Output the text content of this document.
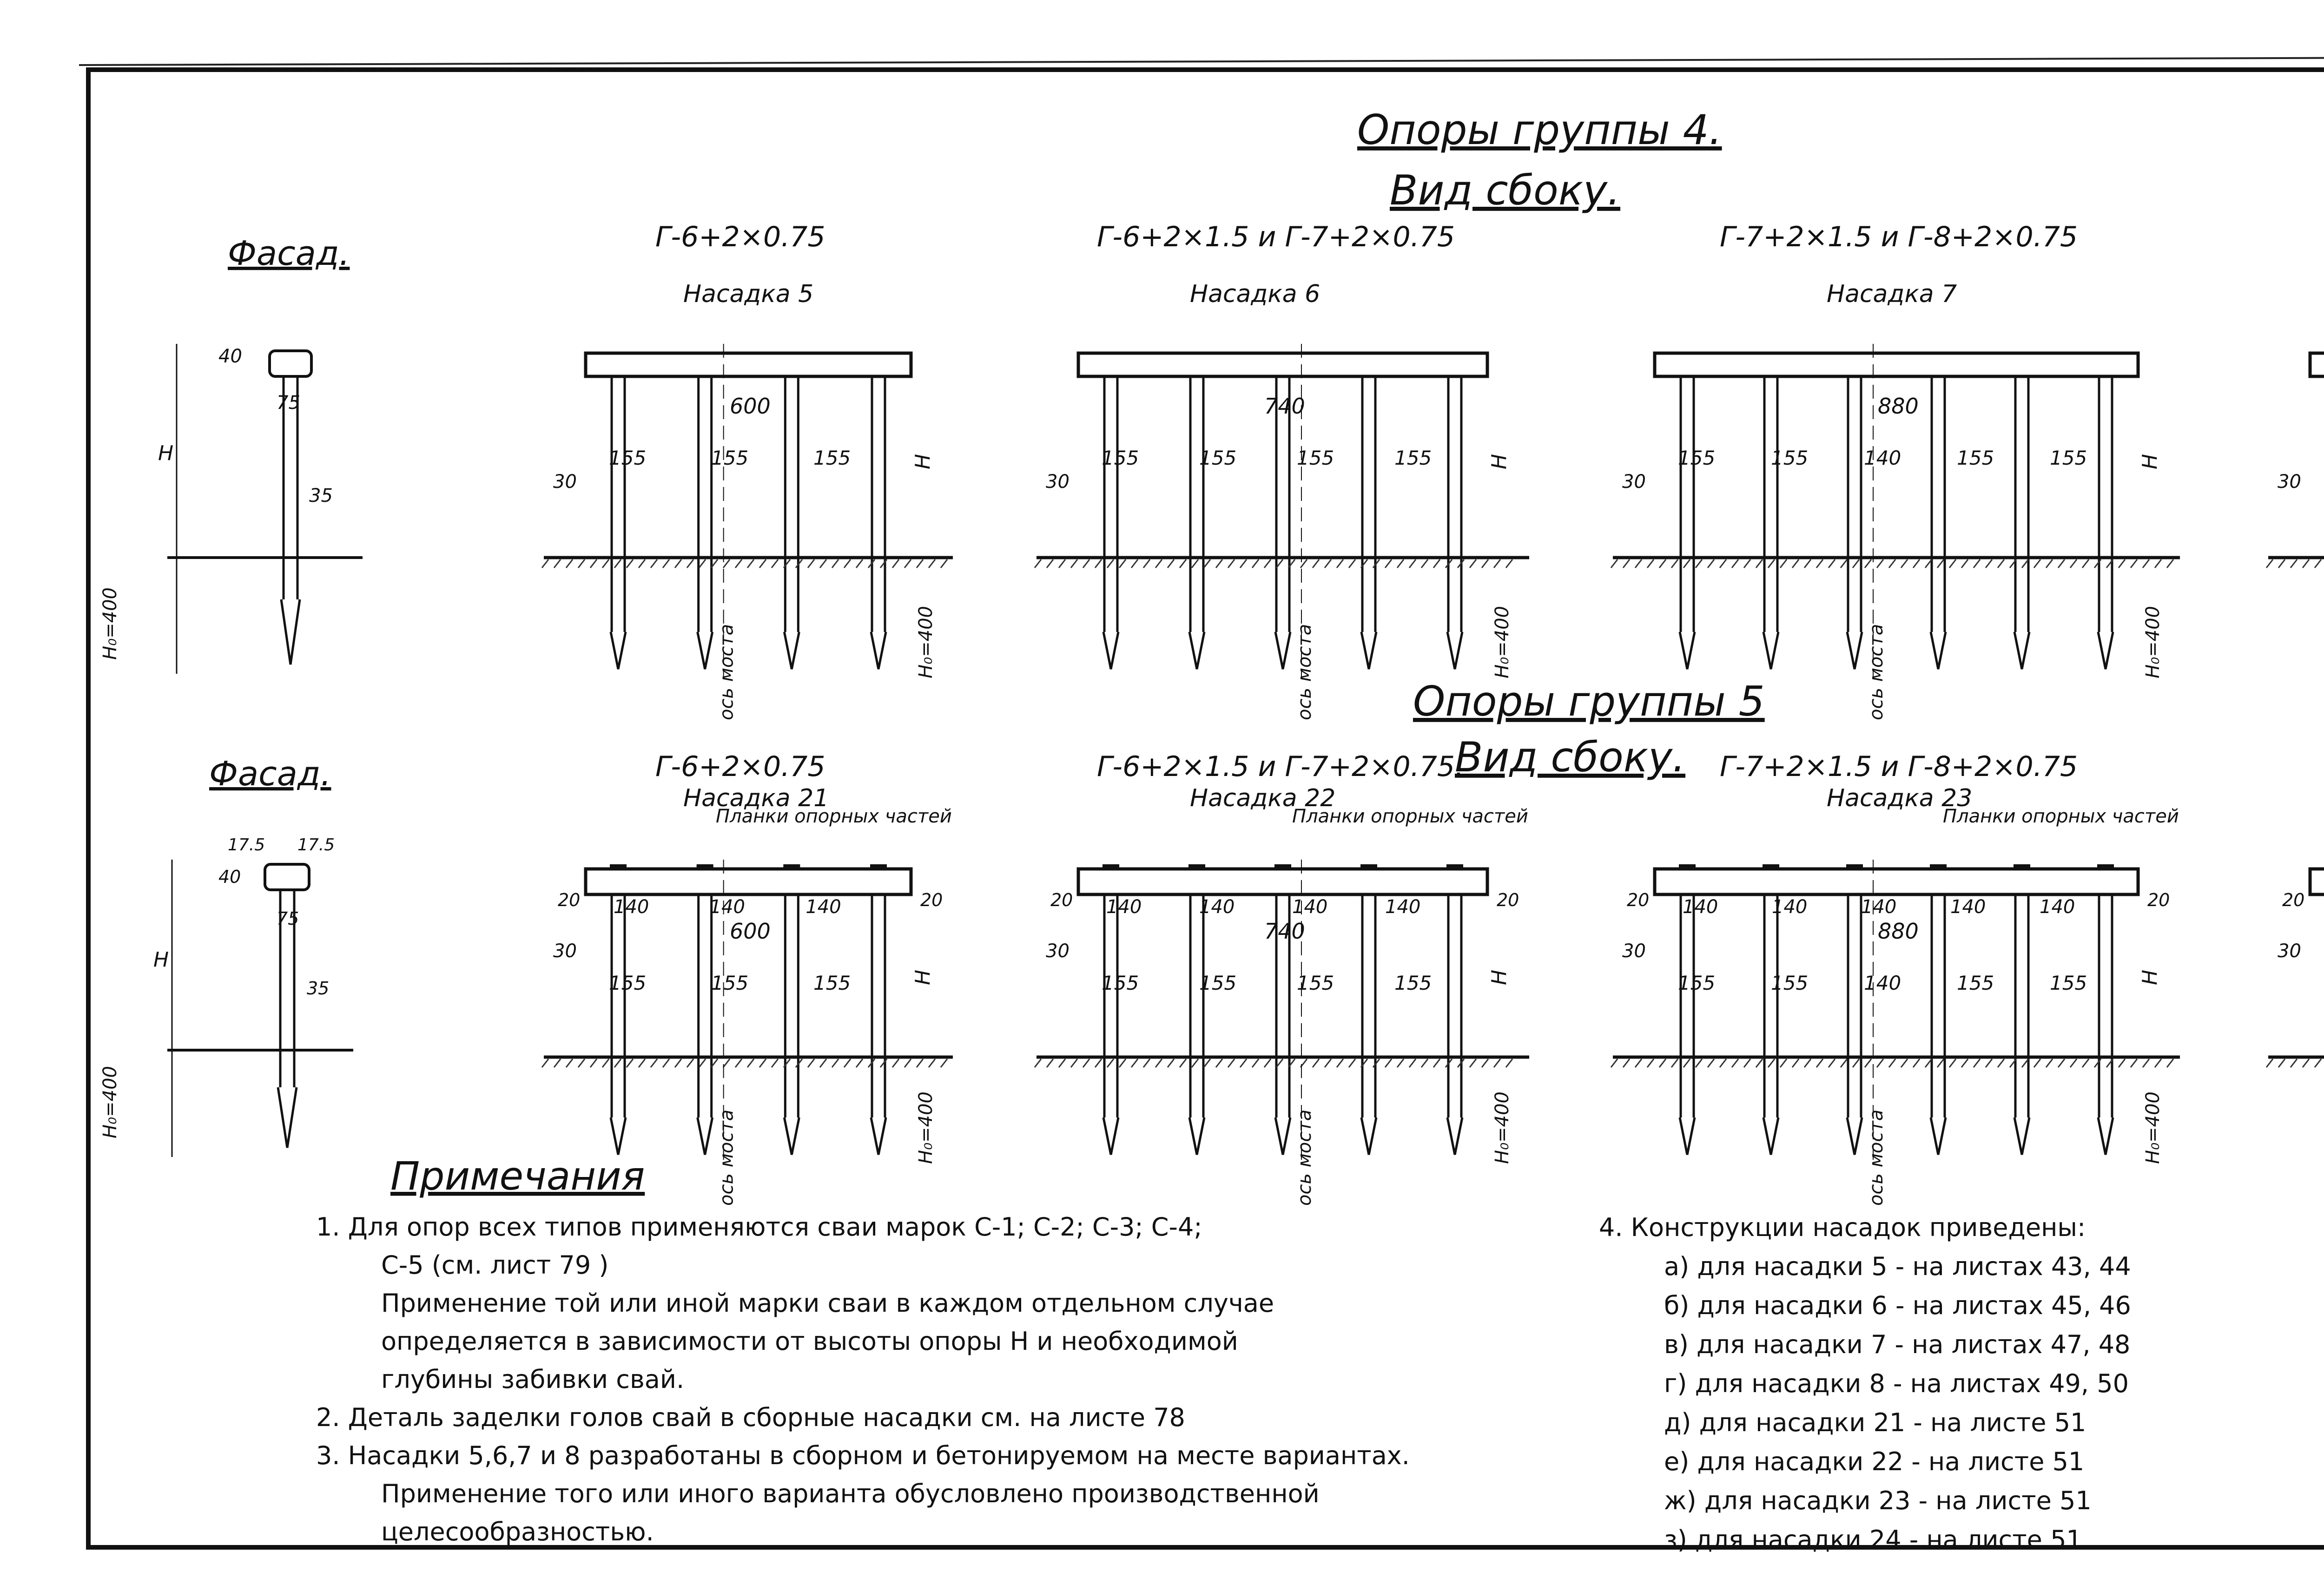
Опоры группы 4.
Вид сбоку.
Опоры группы 5
Вид сбоку.
Фасад.
40
75
35
H
H₀=400
Г-6+2×0.75
Насадка 5
600
155	155	155
30
H
H₀=400
ось моста
Г-6+2×1.5 и Г-7+2×0.75
Насадка 6
740
155	155	155	155
30
H
H₀=400
ось моста
Г-7+2×1.5 и Г-8+2×0.75
Насадка 7
880
155	155	140	155	155
30
H
H₀=400
ось моста
30
Фасад.
17.5 17.5
40
75
35
H
H₀=400
Г-6+2×0.75
Насадка 21
600
155	155	155
140	140	140
20	20
Планки опорных частей
30
H
H₀=400
ось моста
Г-6+2×1.5 и Г-7+2×0.75.
Насадка 22
740
155	155	155	155
140	140	140	140
20	20
Планки опорных частей
30
H
H₀=400
ось моста
Г-7+2×1.5 и Г-8+2×0.75
Насадка 23
880
155	155	140	155	155
140	140	140	140	140
20	20
Планки опорных частей
30
H
H₀=400
ось моста
20
30
Примечания
1. Для опор всех типов применяются сваи марок С-1; С-2; С-3; С-4;
С-5 (см. лист 79 )
Применение той или иной марки сваи в каждом отдельном случае
определяется в зависимости от высоты опоры H и необходимой
глубины забивки свай.
2. Деталь заделки голов свай в сборные насадки см. на листе 78
3. Насадки 5,6,7 и 8 разработаны в сборном и бетонируемом на месте вариантах.
Применение того или иного варианта обусловлено производственной
целесообразностью.
4. Конструкции насадок приведены:
а) для насадки 5 - на листах 43, 44
б) для насадки 6 - на листах 45, 46
в) для насадки 7 - на листах 47, 48
г) для насадки 8 - на листах 49, 50
д) для насадки 21 - на листе 51
е) для насадки 22 - на листе 51
ж) для насадки 23 - на листе 51
з) для насадки 24 - на листе 51
